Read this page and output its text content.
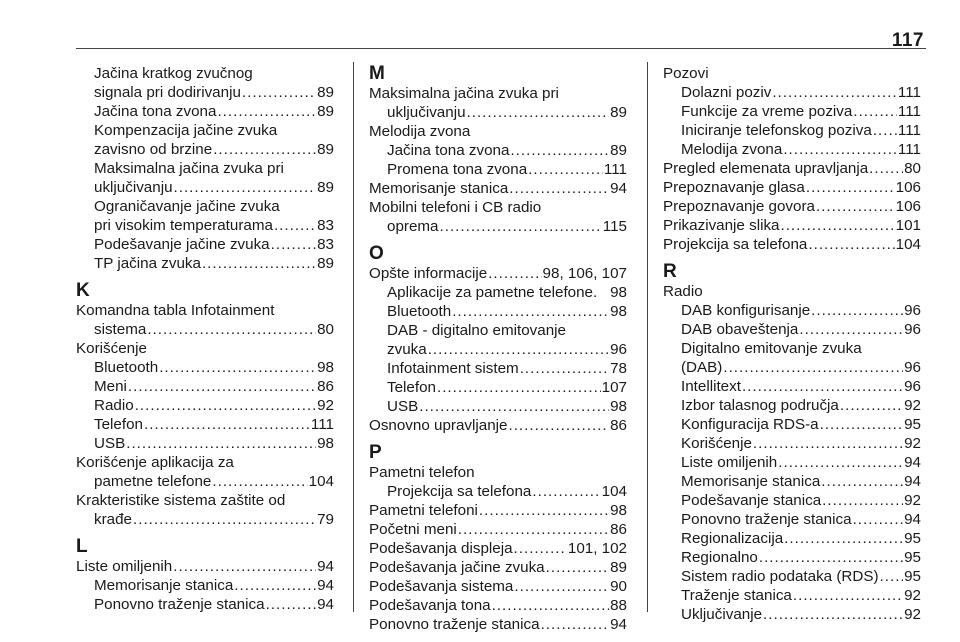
117
Jačina kratkog zvučnog
signala pri dodirivanju .....	89
Jačina tona zvona .....	89
Kompenzacija jačine zvuka
zavisno od brzine .....	89
Maksimalna jačina zvuka pri
uključivanju .....	89
Ograničavanje jačine zvuka
pri visokim temperaturama .....	83
Podešavanje jačine zvuka .....	83
TP jačina zvuka .....	89
K
Komandna tabla Infotainment
sistema .....	80
Korišćenje
Bluetooth .....	98
Meni .....	86
Radio .....	92
Telefon .....	111
USB .....	98
Korišćenje aplikacija za
pametne telefone .....	104
Krakteristike sistema zaštite od
krađe .....	79
L
Liste omiljenih .....	94
Memorisanje stanica .....	94
Ponovno traženje stanica .....	94
M
Maksimalna jačina zvuka pri
uključivanju .....	89
Melodija zvona
Jačina tona zvona .....	89
Promena tona zvona .....	111
Memorisanje stanica .....	94
Mobilni telefoni i CB radio
oprema .....	115
O
Opšte informacije .....	98, 106, 107
Aplikacije za pametne telefone. 98
Bluetooth .....	98
DAB - digitalno emitovanje
zvuka .....	96
Infotainment sistem .....	78
Telefon .....	107
USB .....	98
Osnovno upravljanje .....	86
P
Pametni telefon
Projekcija sa telefona .....	104
Pametni telefoni .....	98
Početni meni .....	86
Podešavanja displeja .....	101, 102
Podešavanja jačine zvuka .....	89
Podešavanja sistema .....	90
Podešavanja tona .....	88
Ponovno traženje stanica .....	94
Pozovi
Dolazni poziv .....	111
Funkcije za vreme poziva .....	111
Iniciranje telefonskog poziva ..... 111
Melodija zvona .....	111
Pregled elemenata upravljanja ..... 80
Prepoznavanje glasa .....	106
Prepoznavanje govora .....	106
Prikazivanje slika .....	101
Projekcija sa telefona .....	104
R
Radio
DAB konfigurisanje .....	96
DAB obaveštenja .....	96
Digitalno emitovanje zvuka
(DAB) .....	96
Intellitext .....	96
Izbor talasnog područja .....	92
Konfiguracija RDS-a .....	95
Korišćenje .....	92
Liste omiljenih .....	94
Memorisanje stanica .....	94
Podešavanje stanica .....	92
Ponovno traženje stanica .....	94
Regionalizacija .....	95
Regionalno .....	95
Sistem radio podataka (RDS) ..... 95
Traženje stanica .....	92
Uključivanje .....	92
